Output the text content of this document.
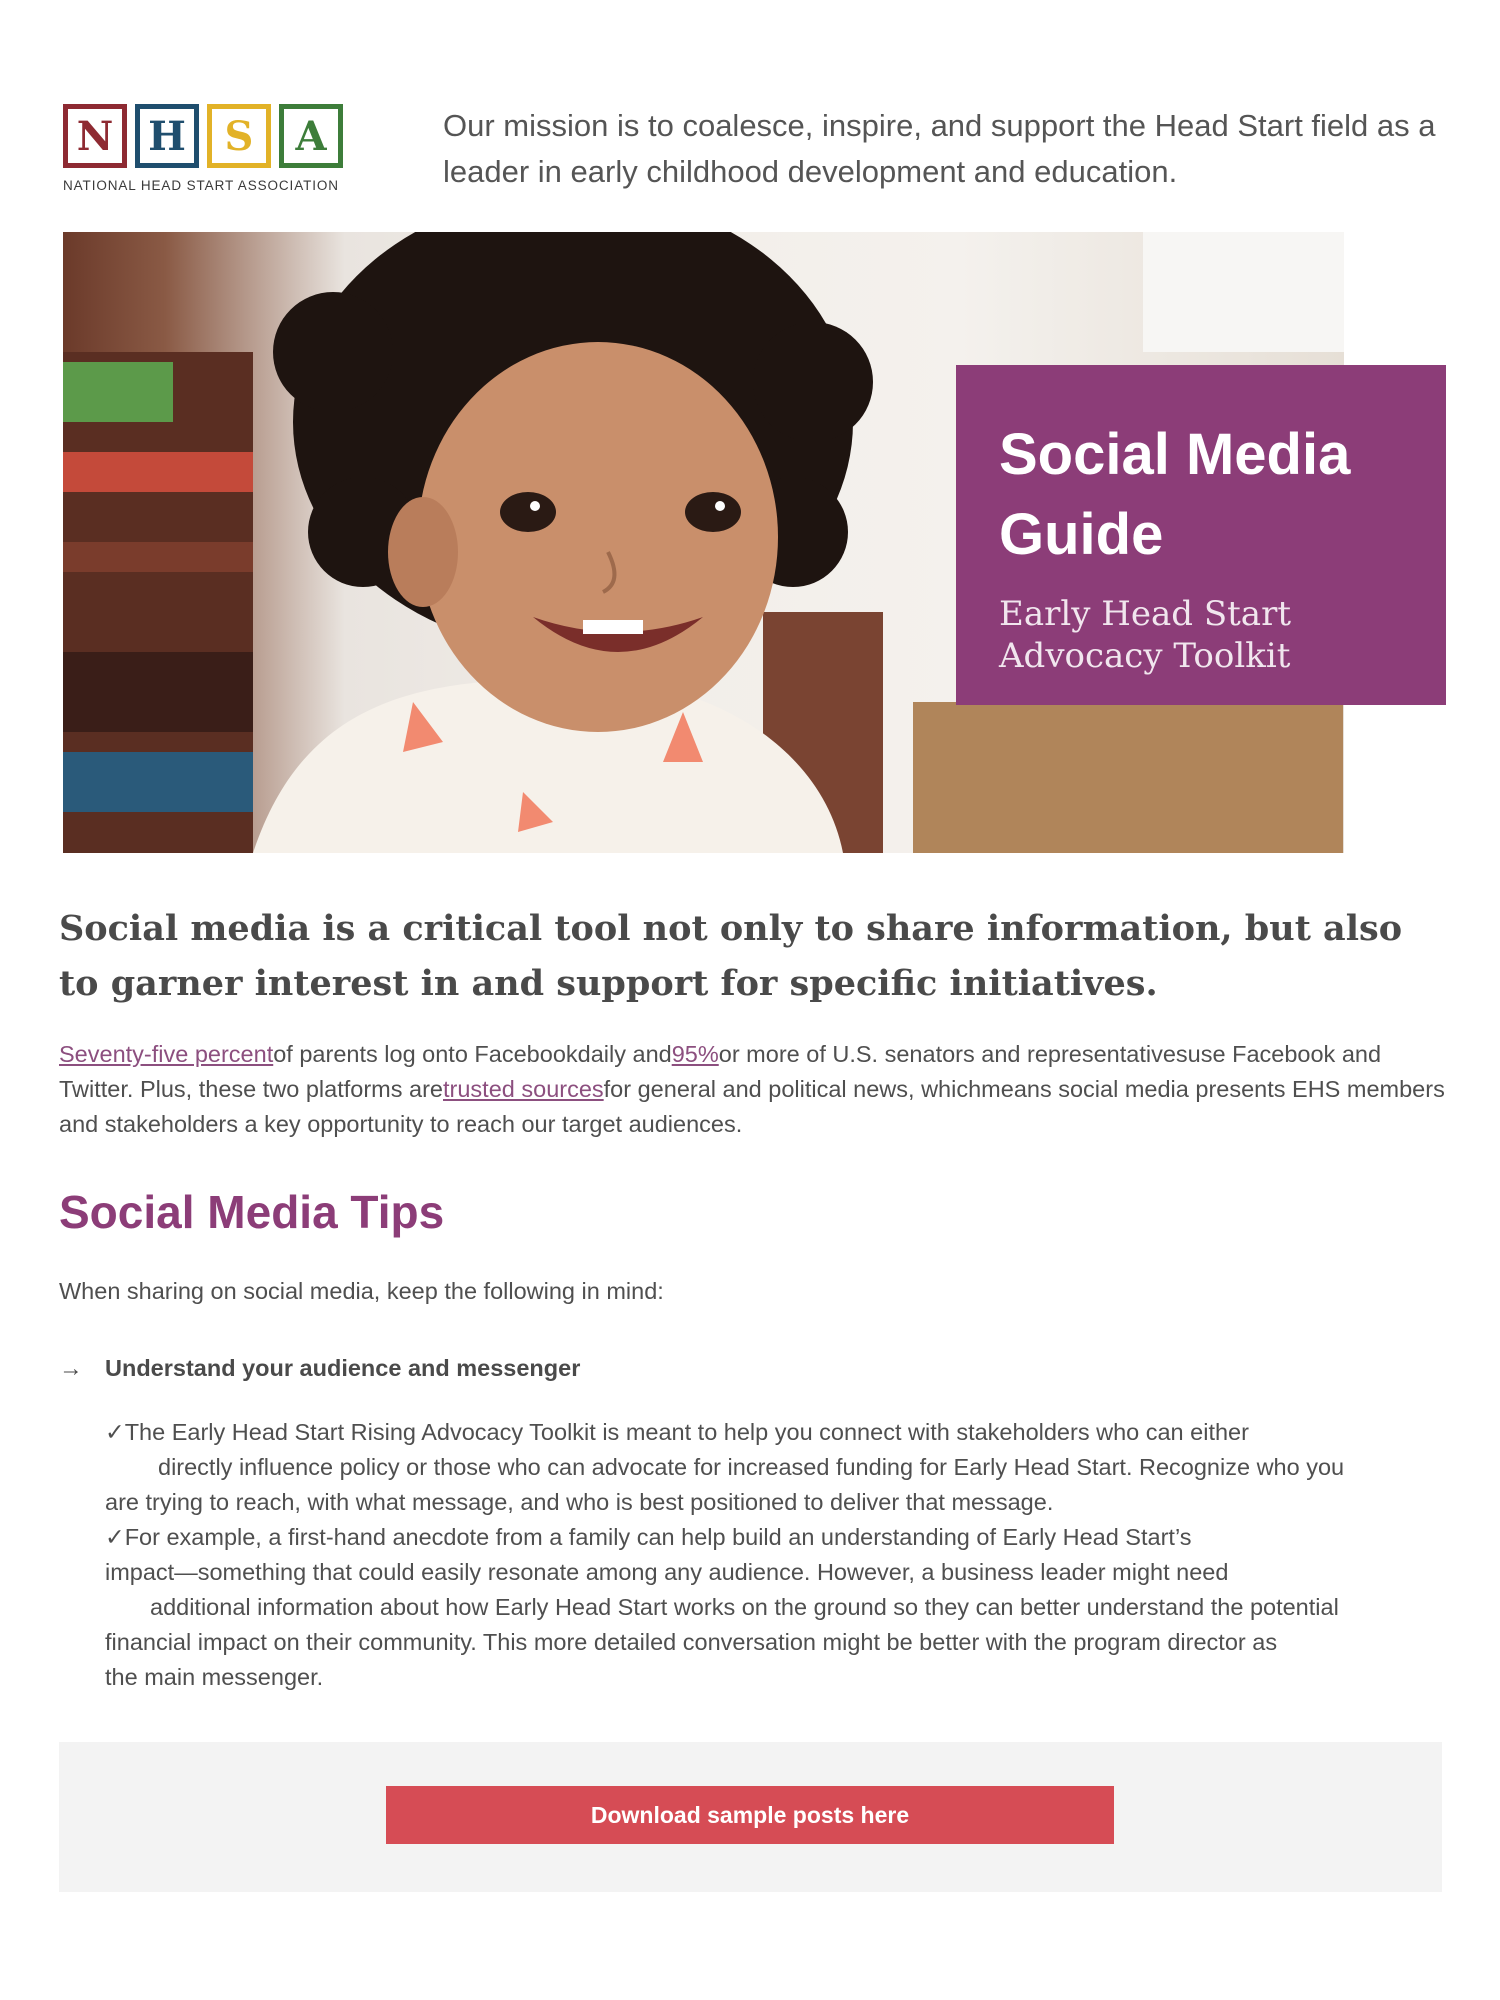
N H S	A
NATIONAL HEAD START ASSOCIATION
Our mission is to coalesce, inspire, and support the Head Start field as a leader in early childhood development and education.
Social Media
Guide
Early Head Start
Advocacy Toolkit
Social media is a critical tool not only to share information, but also to garner interest in and support for specific initiatives.
Seventy-five percentof parents log onto Facebookdaily and95%or more of U.S. senators and representativesuse Facebook and Twitter. Plus, these two platforms aretrusted sourcesfor general and political news, whichmeans social media presents EHS members and stakeholders a key opportunity to reach our target audiences.
Social Media Tips
When sharing on social media, keep the following in mind:
→ Understand your audience and messenger
✓The Early Head Start Rising Advocacy Toolkit is meant to help you connect with stakeholders who can either
directly influence policy or those who can advocate for increased funding for Early Head Start. Recognize who you
are trying to reach, with what message, and who is best positioned to deliver that message.
✓For example, a first-hand anecdote from a family can help build an understanding of Early Head Start’s
impact—something that could easily resonate among any audience. However, a business leader might need
additional information about how Early Head Start works on the ground so they can better understand the potential
financial impact on their community. This more detailed conversation might be better with the program director as
the main messenger.
Download sample posts here
